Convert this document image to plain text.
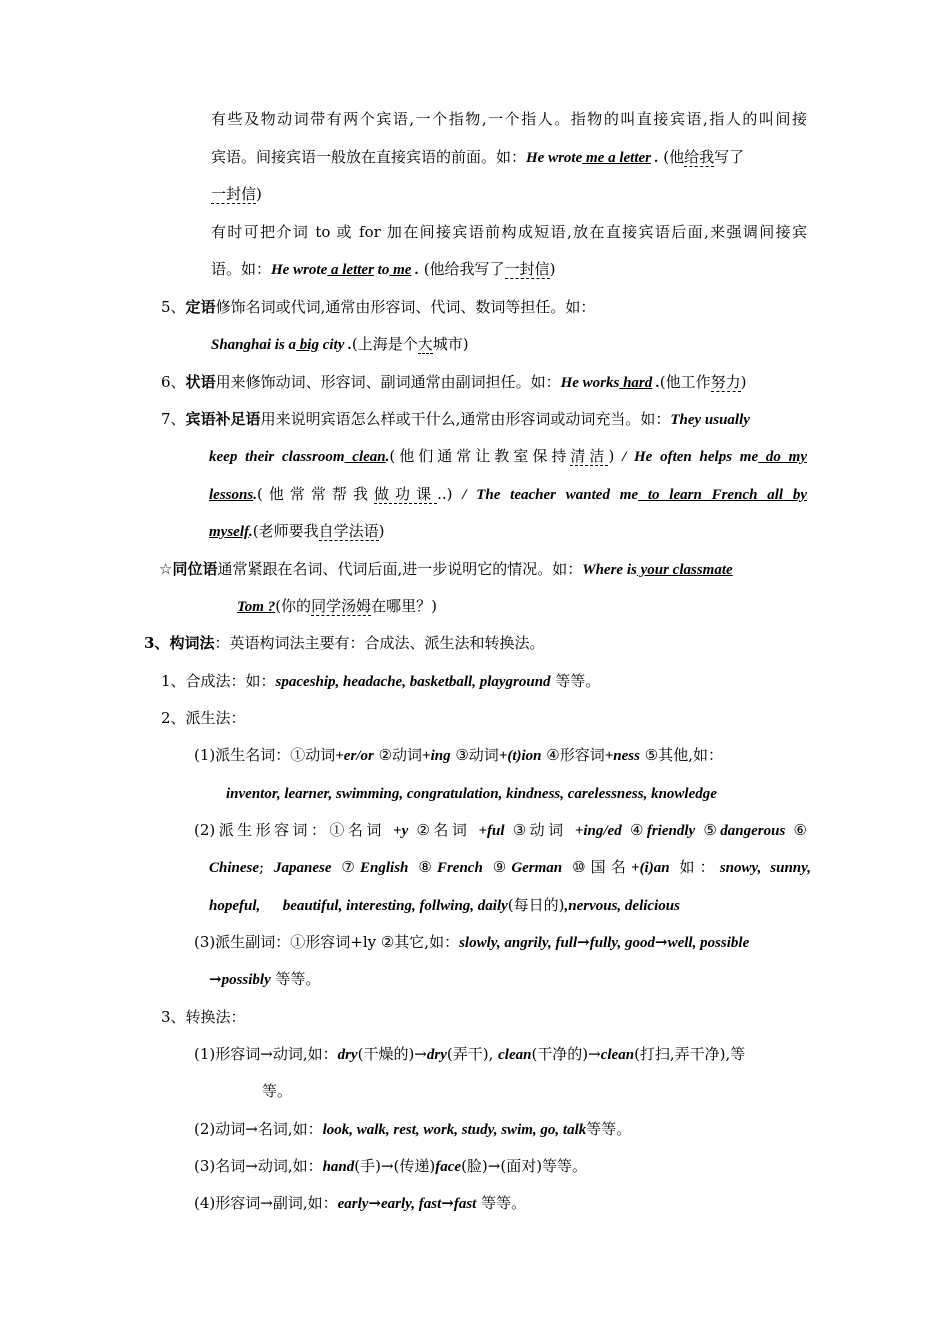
有些及物动词带有两个宾语,一个指物,一个指人。指物的叫直接宾语,指人的叫间接
宾语。间接宾语一般放在直接宾语的前面。如：He wrote me a letter . (他给我写了
一封信)
有时可把介词 to 或 for 加在间接宾语前构成短语,放在直接宾语后面,来强调间接宾
语。如：He wrote a letter to me . (他给我写了一封信)
5、定语修饰名词或代词,通常由形容词、代词、数词等担任。如：
Shanghai is a big city .(上海是个大城市)
6、状语用来修饰动词、形容词、副词通常由副词担任。如：He works hard .(他工作努力)
7、宾语补足语用来说明宾语怎么样或干什么,通常由形容词或动词充当。如：They usually
keep their classroom clean.(他们通常让教室保持清洁) / He often helps me do my
lessons.(他常常帮我做功课..) / The teacher wanted me to learn French all by
myself.(老师要我自学法语)
☆同位语通常紧跟在名词、代词后面,进一步说明它的情况。如：Where is your classmate
Tom ?(你的同学汤姆在哪里？)
3、构词法：英语构词法主要有：合成法、派生法和转换法。
1、合成法：如：spaceship, headache, basketball, playground 等等。
2、派生法：
(1)派生名词：①动词+er/or ②动词+ing ③动词+(t)ion ④形容词+ness ⑤其他,如：
inventor, learner, swimming, congratulation, kindness, carelessness, knowledge
(2)派生形容词：①名词 +y ②名词 +ful ③动词 +ing/ed ④friendly ⑤dangerous ⑥
Chinese; Japanese ⑦English ⑧French ⑨German ⑩国名+(i)an 如：snowy, sunny,
hopeful,      beautiful, interesting, follwing, daily(每日的),nervous, delicious
(3)派生副词：①形容词+ly ②其它,如：slowly, angrily, full→fully, good→well, possible
→possibly 等等。
3、转换法：
(1)形容词→动词,如：dry(干燥的)→dry(弄干), clean(干净的)→clean(打扫,弄干净),等
等。
(2)动词→名词,如：look, walk, rest, work, study, swim, go, talk等等。
(3)名词→动词,如：hand(手)→(传递)face(脸)→(面对)等等。
(4)形容词→副词,如：early→early, fast→fast 等等。
